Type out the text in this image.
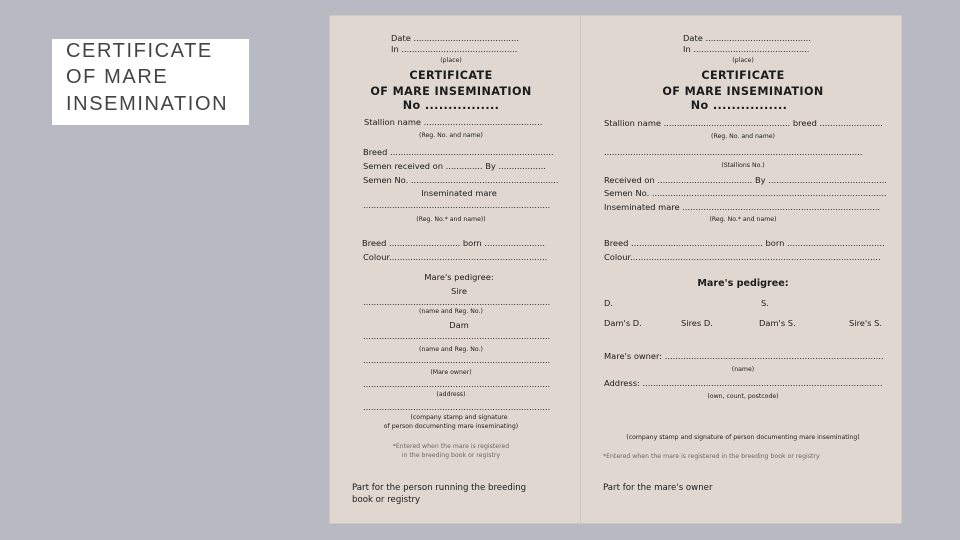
CERTIFICATE
OF MARE
INSEMINATION
Date ........................................
In ............................................
(place)
CERTIFICATE
OF MARE INSEMINATION
No ................
Stallion name .............................................
(Reg. No. and name)
Breed ..............................................................
Semen received on .............. By ..................
Semen No. ........................................................
Inseminated mare
.......................................................................
(Reg. No.* and name))
Breed ........................... born .......................
Colour............................................................
Mare's pedigree:
Sire
.......................................................................
(name and Reg. No.)
Dam
.......................................................................
(name and Reg. No.)
.......................................................................
(Mare owner)
.......................................................................
(address)
.......................................................................
(company stamp and signature
of person documenting mare inseminating)
*Entered when the mare is registered
in the breeding book or registry
Part for the person running the breeding
book or registry
Date ........................................
In ............................................
(place)
CERTIFICATE
OF MARE INSEMINATION
No ................
Stallion name ................................................ breed ........................
(Reg. No. and name)
..................................................................................................
(Stallions No.)
Received on .................................... By .............................................
Semen No. .........................................................................................
Inseminated mare ...........................................................................
(Reg. No.* and name)
Breed .................................................. born .....................................
Colour...............................................................................................
Mare's pedigree:
D.	S.
Dam's D.	Sires D.	Dam's S.	Sire's S.
Mare's owner: ...................................................................................
(name)
Address: ...........................................................................................
(own, count, postcode)
(company stamp and signature of person documenting mare inseminating)
*Entered when the mare is registered in the breeding book or registry
Part for the mare's owner
